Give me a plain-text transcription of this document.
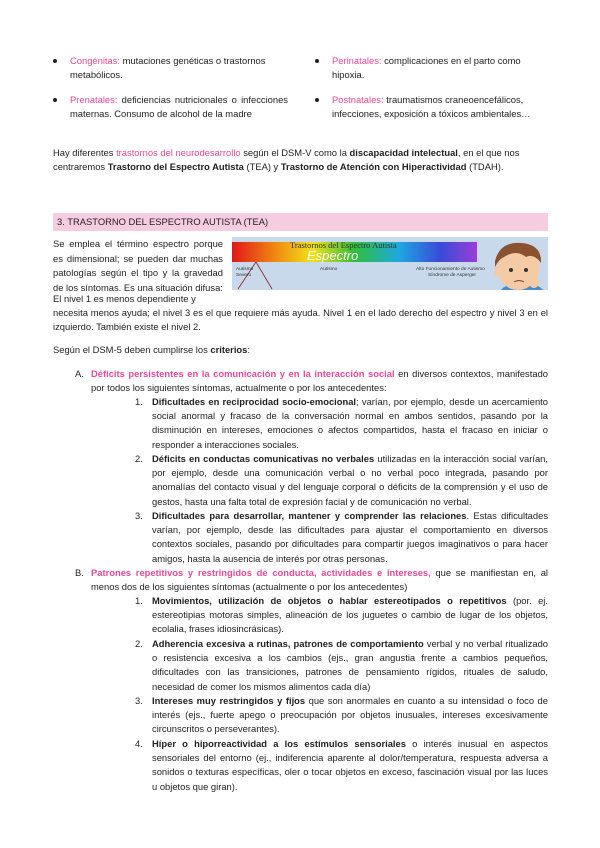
Congénitas: mutaciones genéticas o trastornos metabólicos.
Perinatales: complicaciones en el parto como hipoxia.
Prenatales: deficiencias nutricionales o infecciones maternas. Consumo de alcohol de la madre
Postnatales: traumatismos craneoencefálicos, infecciones, exposición a tóxicos ambientales…
Hay diferentes trastornos del neurodesarrollo según el DSM-V como la discapacidad intelectual, en el que nos centraremos Trastorno del Espectro Autista (TEA) y Trastorno de Atención con Hiperactividad (TDAH).
3. TRASTORNO DEL ESPECTRO AUTISTA (TEA)
Se emplea el término espectro porque es dimensional; se pueden dar muchas patologías según el tipo y la gravedad de los síntomas. Es una situación difusa:
Trastornos del Espectro Autista
Espectro
Autismo
Severo
Autismo	Alto Funcionamiento de Autismo
Síndrome de Asperger
El nivel 1 es menos dependiente y
necesita menos ayuda; el nivel 3 es el que requiere más ayuda. Nivel 1 en el lado derecho del espectro y nivel 3 en el izquierdo. También existe el nivel 2.
Según el DSM-5 deben cumplirse los criterios:
A. Déficits persistentes en la comunicación y en la interacción social en diversos contextos, manifestado por todos los siguientes síntomas, actualmente o por los antecedentes:
1. Dificultades en reciprocidad socio-emocional; varían, por ejemplo, desde un acercamiento social anormal y fracaso de la conversación normal en ambos sentidos, pasando por la disminución en intereses, emociones o afectos compartidos, hasta el fracaso en iniciar o responder a interacciones sociales.
2. Déficits en conductas comunicativas no verbales utilizadas en la interacción social varían, por ejemplo, desde una comunicación verbal o no verbal poco integrada, pasando por anomalías del contacto visual y del lenguaje corporal o déficits de la comprensión y el uso de gestos, hasta una falta total de expresión facial y de comunicación no verbal.
3. Dificultades para desarrollar, mantener y comprender las relaciones. Estas dificultades varían, por ejemplo, desde las dificultades para ajustar el comportamiento en diversos contextos sociales, pasando por dificultades para compartir juegos imaginativos o para hacer amigos, hasta la ausencia de interés por otras personas.
B. Patrones repetitivos y restringidos de conducta, actividades e intereses, que se manifiestan en, al menos dos de los siguientes síntomas (actualmente o por los antecedentes)
1. Movimientos, utilización de objetos o hablar estereotipados o repetitivos (por. ej. estereotipias motoras simples, alineación de los juguetes o cambio de lugar de los objetos, ecolalia, frases idiosincrásicas).
2. Adherencia excesiva a rutinas, patrones de comportamiento verbal y no verbal ritualizado o resistencia excesiva a los cambios (ejs., gran angustia frente a cambios pequeños, dificultades con las transiciones, patrones de pensamiento rígidos, rituales de saludo, necesidad de comer los mismos alimentos cada día)
3. Intereses muy restringidos y fijos que son anormales en cuanto a su intensidad o foco de interés (ejs., fuerte apego o preocupación por objetos inusuales, intereses excesivamente circunscritos o perseverantes).
4. Híper o hiporreactividad a los estímulos sensoriales o interés inusual en aspectos sensoriales del entorno (ej., indiferencia aparente al dolor/temperatura, respuesta adversa a sonidos o texturas específicas, oler o tocar objetos en exceso, fascinación visual por las luces u objetos que giran).
